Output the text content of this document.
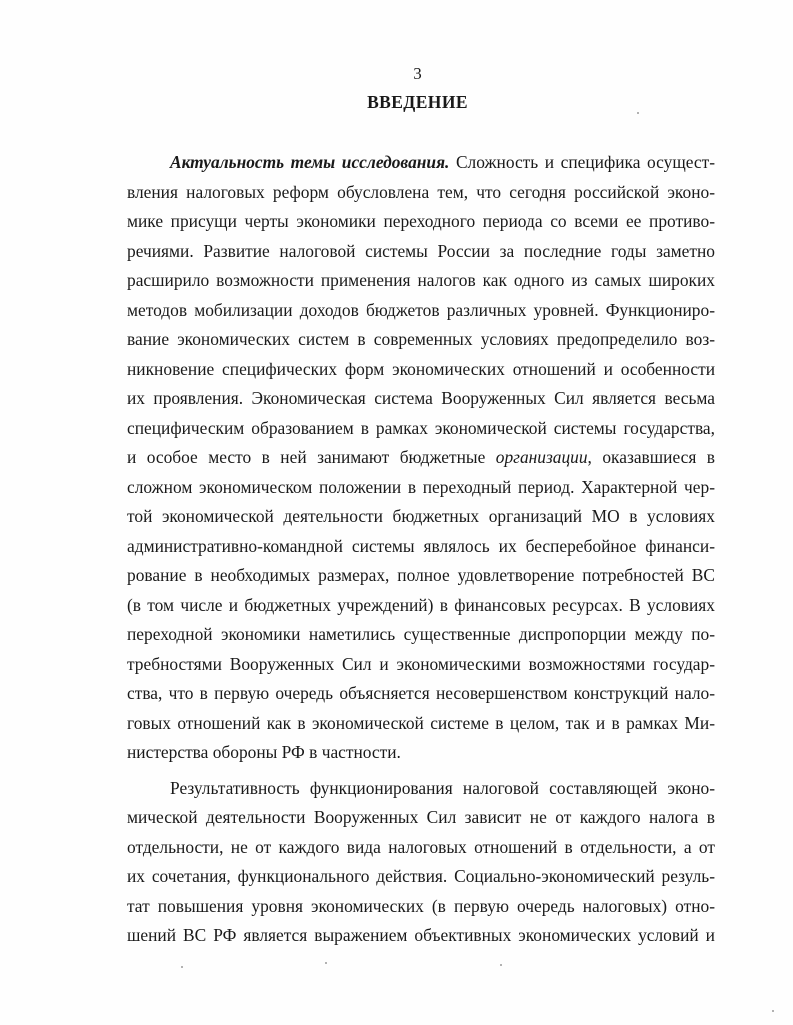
3
ВВЕДЕНИЕ
Актуальность темы исследования. Сложность и специфика осущест-
вления налоговых реформ обусловлена тем, что сегодня российской эконо-
мике присущи черты экономики переходного периода со всеми ее противо-
речиями. Развитие налоговой системы России за последние годы заметно
расширило возможности применения налогов как одного из самых широких
методов мобилизации доходов бюджетов различных уровней. Функциониро-
вание экономических систем в современных условиях предопределило воз-
никновение специфических форм экономических отношений и особенности
их проявления. Экономическая система Вооруженных Сил является весьма
специфическим образованием в рамках экономической системы государства,
и особое место в ней занимают бюджетные организации, оказавшиеся в
сложном экономическом положении в переходный период. Характерной чер-
той экономической деятельности бюджетных организаций МО в условиях
административно-командной системы являлось их бесперебойное финанси-
рование в необходимых размерах, полное удовлетворение потребностей ВС
(в том числе и бюджетных учреждений) в финансовых ресурсах. В условиях
переходной экономики наметились существенные диспропорции между по-
требностями Вооруженных Сил и экономическими возможностями государ-
ства, что в первую очередь объясняется несовершенством конструкций нало-
говых отношений как в экономической системе в целом, так и в рамках Ми-
нистерства обороны РФ в частности.
Результативность функционирования налоговой составляющей эконо-
мической деятельности Вооруженных Сил зависит не от каждого налога в
отдельности, не от каждого вида налоговых отношений в отдельности, а от
их сочетания, функционального действия. Социально-экономический резуль-
тат повышения уровня экономических (в первую очередь налоговых) отно-
шений ВС РФ является выражением объективных экономических условий и
